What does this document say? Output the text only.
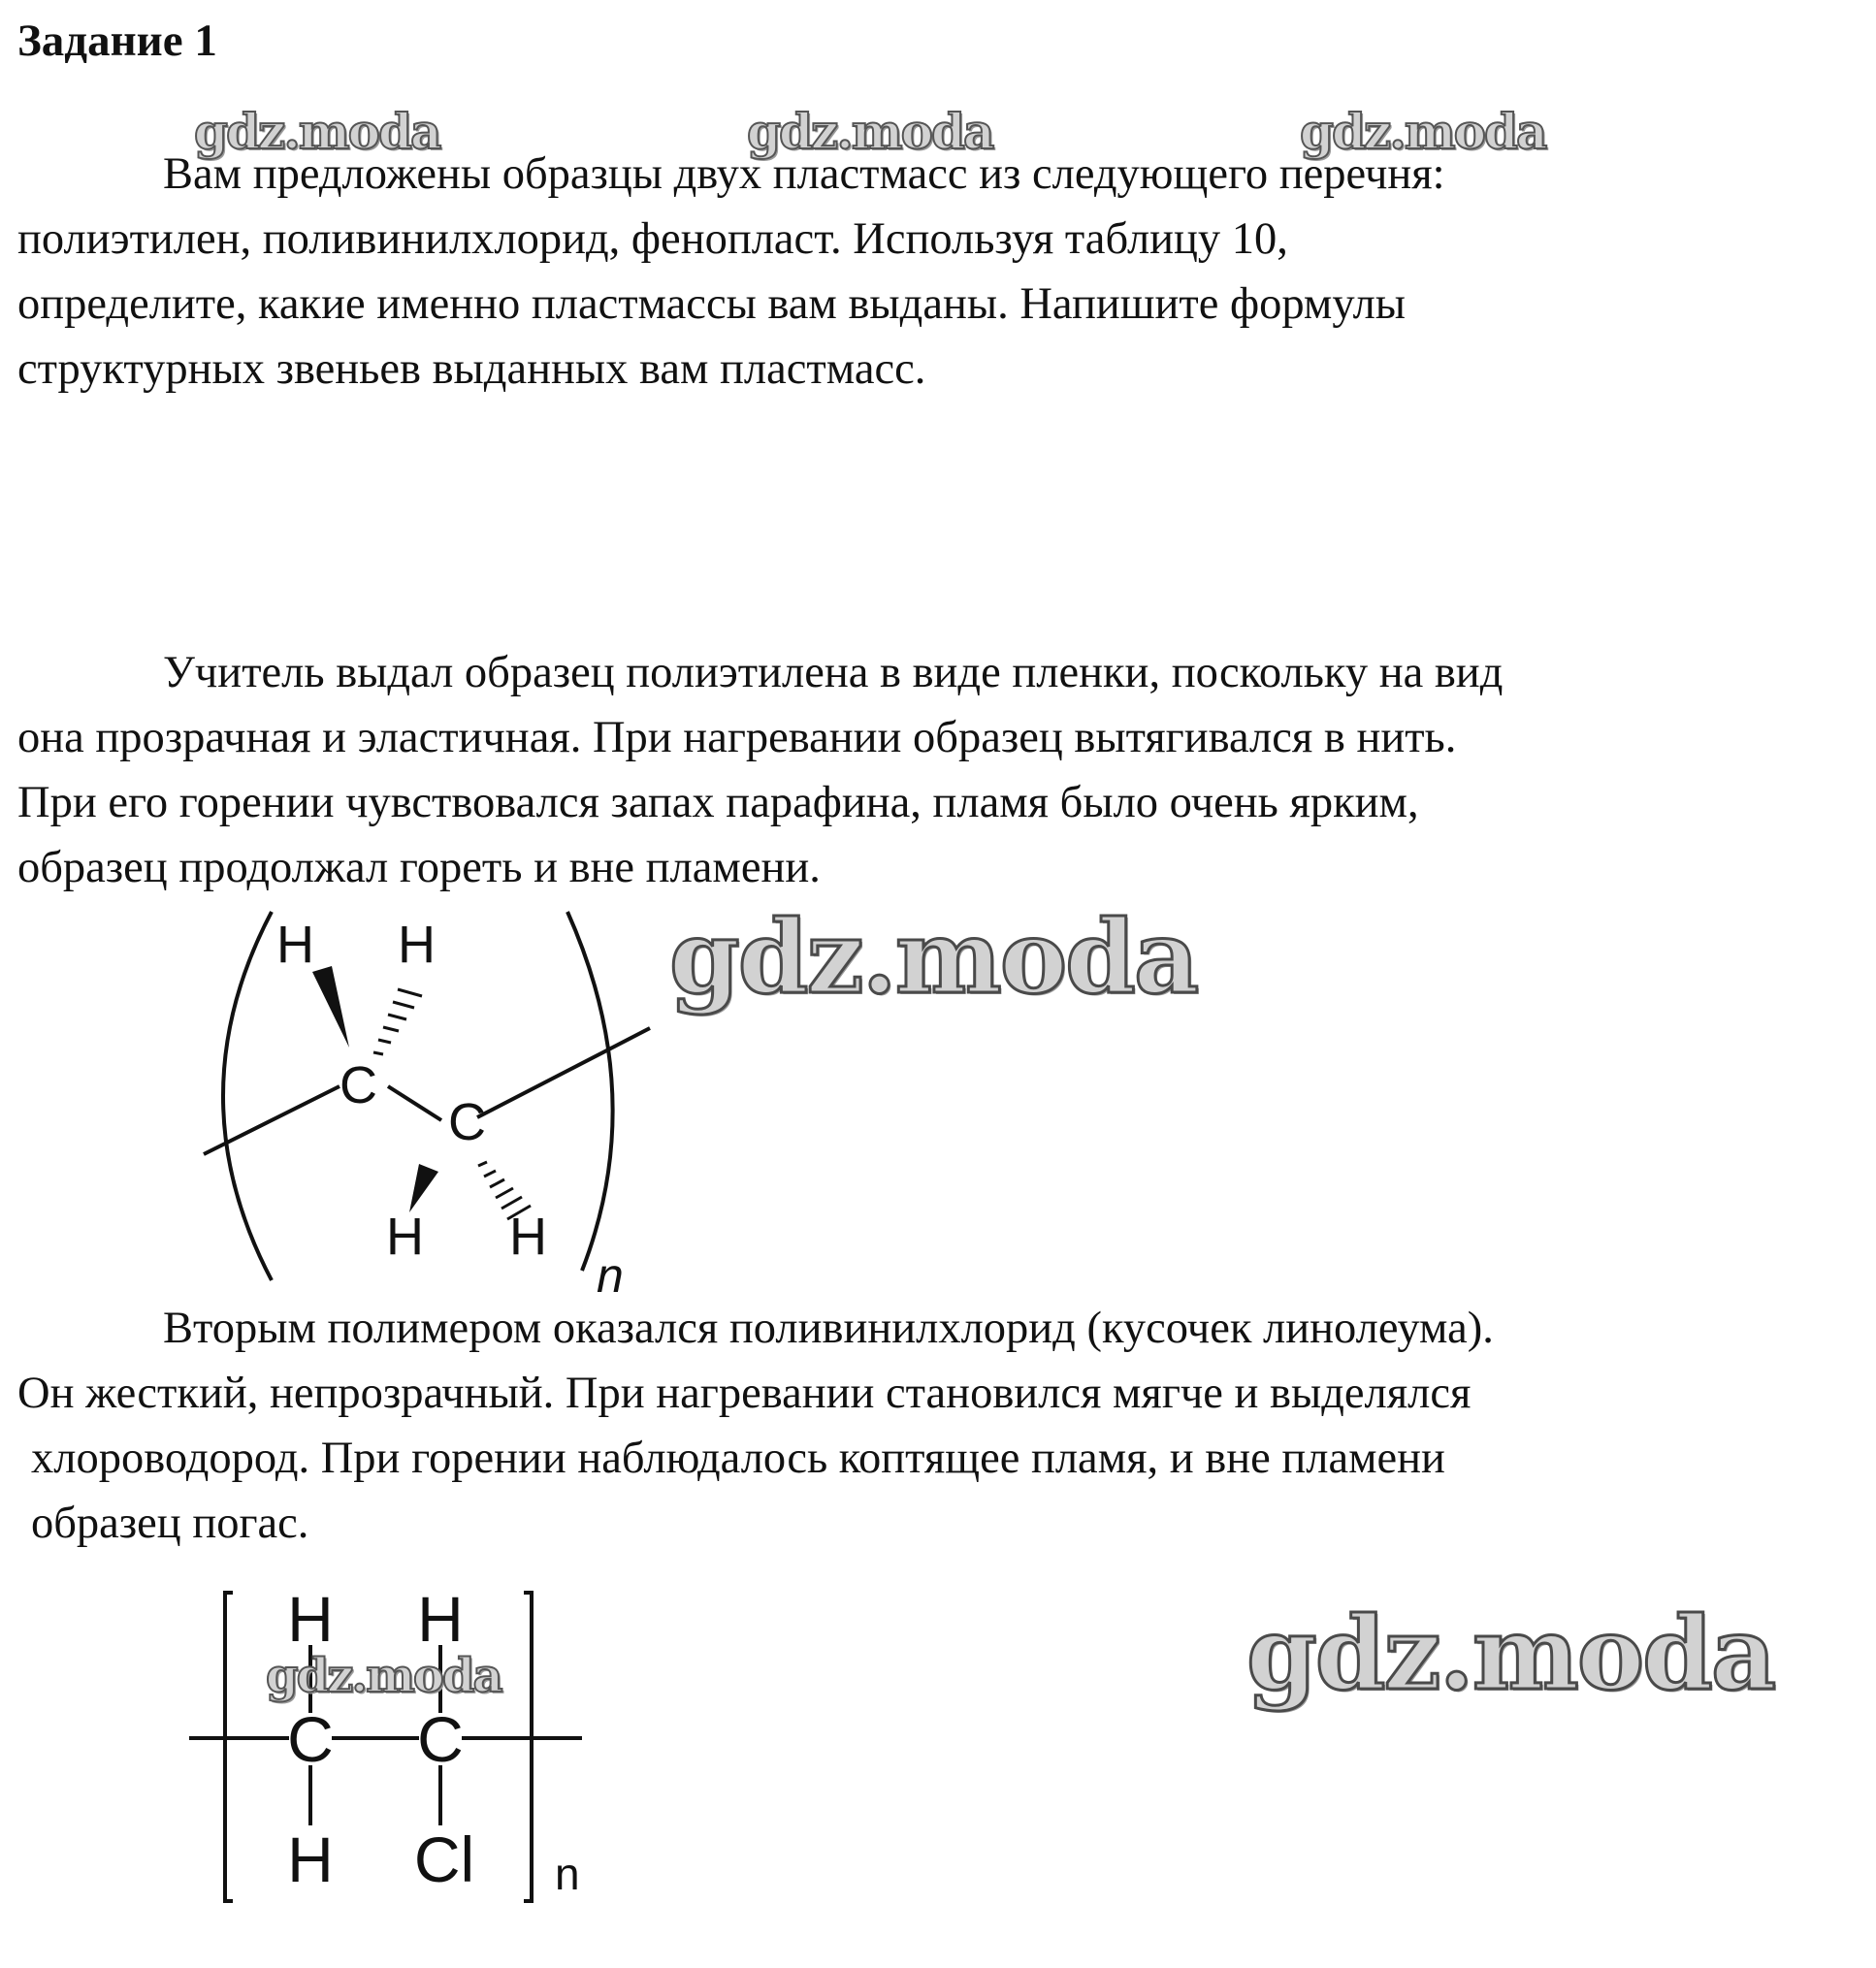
Задание 1

Вам предложены образцы двух пластмасс из следующего перечня:
полиэтилен, поливинилхлорид, фенопласт. Используя таблицу 10,
определите, какие именно пластмассы вам выданы. Напишите формулы
структурных звеньев выданных вам пластмасс.

Учитель выдал образец полиэтилена в виде пленки, поскольку на вид
она прозрачная и эластичная. При нагревании образец вытягивался в нить.
При его горении чувствовался запах парафина, пламя было очень ярким,
образец продолжал гореть и вне пламени.

Вторым полимером оказался поливинилхлорид (кусочек линолеума).
Он жесткий, непрозрачный. При нагревании становился мягче и выделялся
хлороводород. При горении наблюдалось коптящее пламя, и вне пламени
образец погас.

H H
C
C
H H
n
H H
C C
H Cl n
gdz.moda	gdz.moda	gdz.moda
gdz.moda
gdz.moda
gdz.moda
